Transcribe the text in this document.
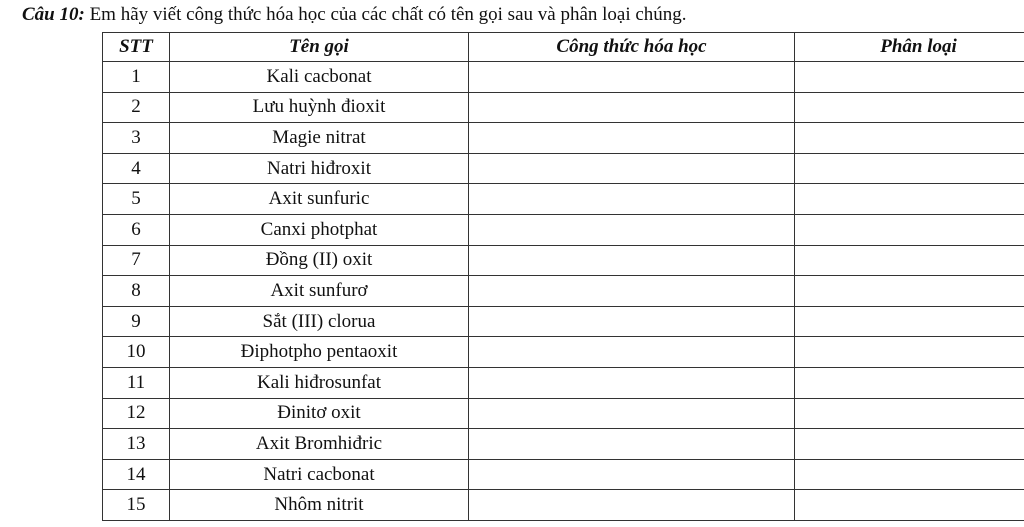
Câu 10: Em hãy viết công thức hóa học của các chất có tên gọi sau và phân loại chúng.
STT	Tên gọi	Công thức hóa học	Phân loại
1	Kali cacbonat		
2	Lưu huỳnh đioxit		
3	Magie nitrat		
4	Natri hiđroxit		
5	Axit sunfuric		
6	Canxi photphat		
7	Đồng (II) oxit		
8	Axit sunfurơ		
9	Sắt (III) clorua		
10	Điphotpho pentaoxit		
11	Kali hiđrosunfat		
12	Đinitơ oxit		
13	Axit Bromhiđric		
14	Natri cacbonat		
15	Nhôm nitrit		
